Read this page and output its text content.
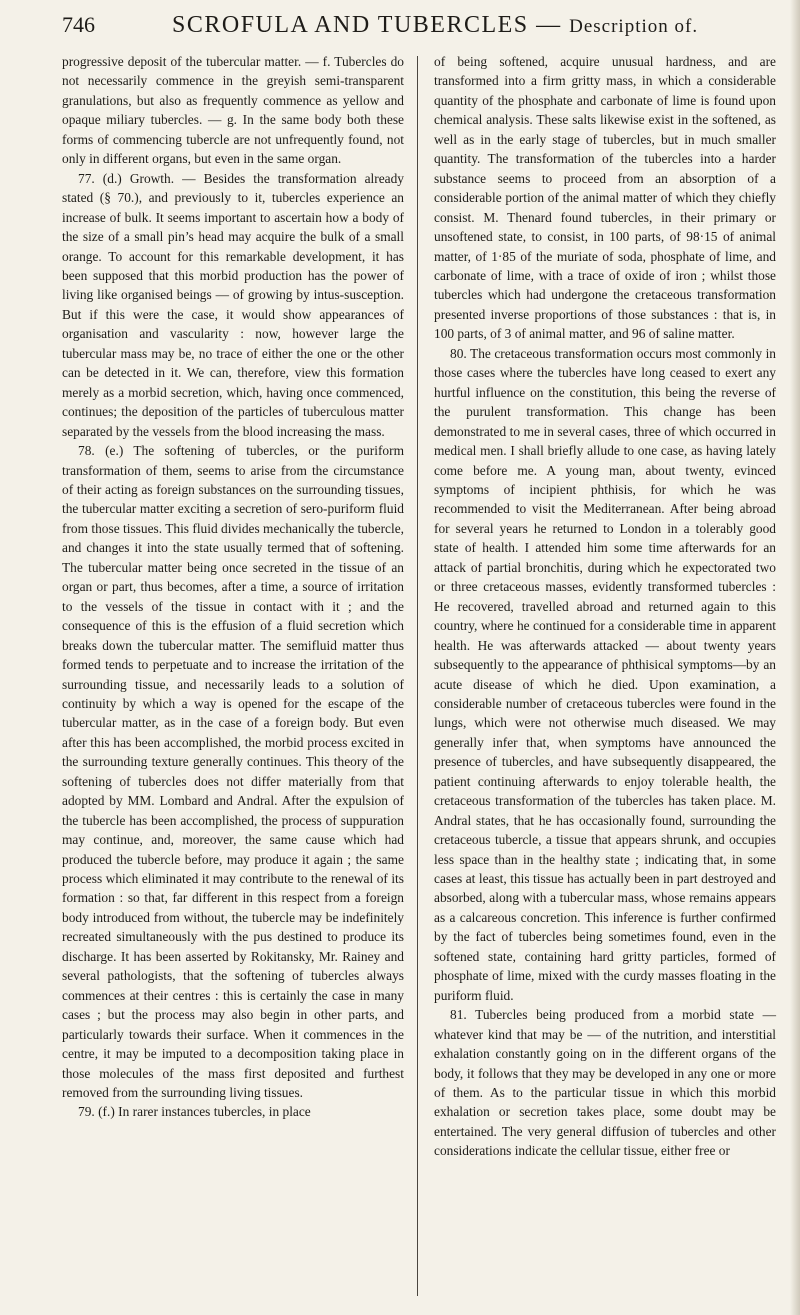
746	SCROFULA AND TUBERCLES — Description of.

progressive deposit of the tubercular matter. — f. Tubercles do not necessarily commence in the greyish semi-transparent granulations, but also as frequently commence as yellow and opaque miliary tubercles. — g. In the same body both these forms of commencing tubercle are not unfrequently found, not only in different organs, but even in the same organ.

77. (d.) Growth. — Besides the transformation already stated (§ 70.), and previously to it, tubercles experience an increase of bulk. It seems important to ascertain how a body of the size of a small pin’s head may acquire the bulk of a small orange. To account for this remarkable development, it has been supposed that this morbid production has the power of living like organised beings — of growing by intus-susception. But if this were the case, it would show appearances of organisation and vascularity : now, however large the tubercular mass may be, no trace of either the one or the other can be detected in it. We can, therefore, view this formation merely as a morbid secretion, which, having once commenced, continues; the deposition of the particles of tuberculous matter separated by the vessels from the blood increasing the mass.

78. (e.) The softening of tubercles, or the puriform transformation of them, seems to arise from the circumstance of their acting as foreign substances on the surrounding tissues, the tubercular matter exciting a secretion of sero-puriform fluid from those tissues. This fluid divides mechanically the tubercle, and changes it into the state usually termed that of softening. The tubercular matter being once secreted in the tissue of an organ or part, thus becomes, after a time, a source of irritation to the vessels of the tissue in contact with it ; and the consequence of this is the effusion of a fluid secretion which breaks down the tubercular matter. The semifluid matter thus formed tends to perpetuate and to increase the irritation of the surrounding tissue, and necessarily leads to a solution of continuity by which a way is opened for the escape of the tubercular matter, as in the case of a foreign body. But even after this has been accomplished, the morbid process excited in the surrounding texture generally continues. This theory of the softening of tubercles does not differ materially from that adopted by MM. Lombard and Andral. After the expulsion of the tubercle has been accomplished, the process of suppuration may continue, and, moreover, the same cause which had produced the tubercle before, may produce it again ; the same process which eliminated it may contribute to the renewal of its formation : so that, far different in this respect from a foreign body introduced from without, the tubercle may be indefinitely recreated simultaneously with the pus destined to produce its discharge. It has been asserted by Rokitansky, Mr. Rainey and several pathologists, that the softening of tubercles always commences at their centres : this is certainly the case in many cases ; but the process may also begin in other parts, and particularly towards their surface. When it commences in the centre, it may be imputed to a decomposition taking place in those molecules of the mass first deposited and furthest removed from the surrounding living tissues.

79. (f.) In rarer instances tubercles, in place

of being softened, acquire unusual hardness, and are transformed into a firm gritty mass, in which a considerable quantity of the phosphate and carbonate of lime is found upon chemical analysis. These salts likewise exist in the softened, as well as in the early stage of tubercles, but in much smaller quantity. The transformation of the tubercles into a harder substance seems to proceed from an absorption of a considerable portion of the animal matter of which they chiefly consist. M. Thenard found tubercles, in their primary or unsoftened state, to consist, in 100 parts, of 98·15 of animal matter, of 1·85 of the muriate of soda, phosphate of lime, and carbonate of lime, with a trace of oxide of iron ; whilst those tubercles which had undergone the cretaceous transformation presented inverse proportions of those substances : that is, in 100 parts, of 3 of animal matter, and 96 of saline matter.

80. The cretaceous transformation occurs most commonly in those cases where the tubercles have long ceased to exert any hurtful influence on the constitution, this being the reverse of the purulent transformation. This change has been demonstrated to me in several cases, three of which occurred in medical men. I shall briefly allude to one case, as having lately come before me. A young man, about twenty, evinced symptoms of incipient phthisis, for which he was recommended to visit the Mediterranean. After being abroad for several years he returned to London in a tolerably good state of health. I attended him some time afterwards for an attack of partial bronchitis, during which he expectorated two or three cretaceous masses, evidently transformed tubercles : He recovered, travelled abroad and returned again to this country, where he continued for a considerable time in apparent health. He was afterwards attacked — about twenty years subsequently to the appearance of phthisical symptoms—by an acute disease of which he died. Upon examination, a considerable number of cretaceous tubercles were found in the lungs, which were not otherwise much diseased. We may generally infer that, when symptoms have announced the presence of tubercles, and have subsequently disappeared, the patient continuing afterwards to enjoy tolerable health, the cretaceous transformation of the tubercles has taken place. M. Andral states, that he has occasionally found, surrounding the cretaceous tubercle, a tissue that appears shrunk, and occupies less space than in the healthy state ; indicating that, in some cases at least, this tissue has actually been in part destroyed and absorbed, along with a tubercular mass, whose remains appears as a calcareous concretion. This inference is further confirmed by the fact of tubercles being sometimes found, even in the softened state, containing hard gritty particles, formed of phosphate of lime, mixed with the curdy masses floating in the puriform fluid.

81. Tubercles being produced from a morbid state — whatever kind that may be — of the nutrition, and interstitial exhalation constantly going on in the different organs of the body, it follows that they may be developed in any one or more of them. As to the particular tissue in which this morbid exhalation or secretion takes place, some doubt may be entertained. The very general diffusion of tubercles and other considerations indicate the cellular tissue, either free or
